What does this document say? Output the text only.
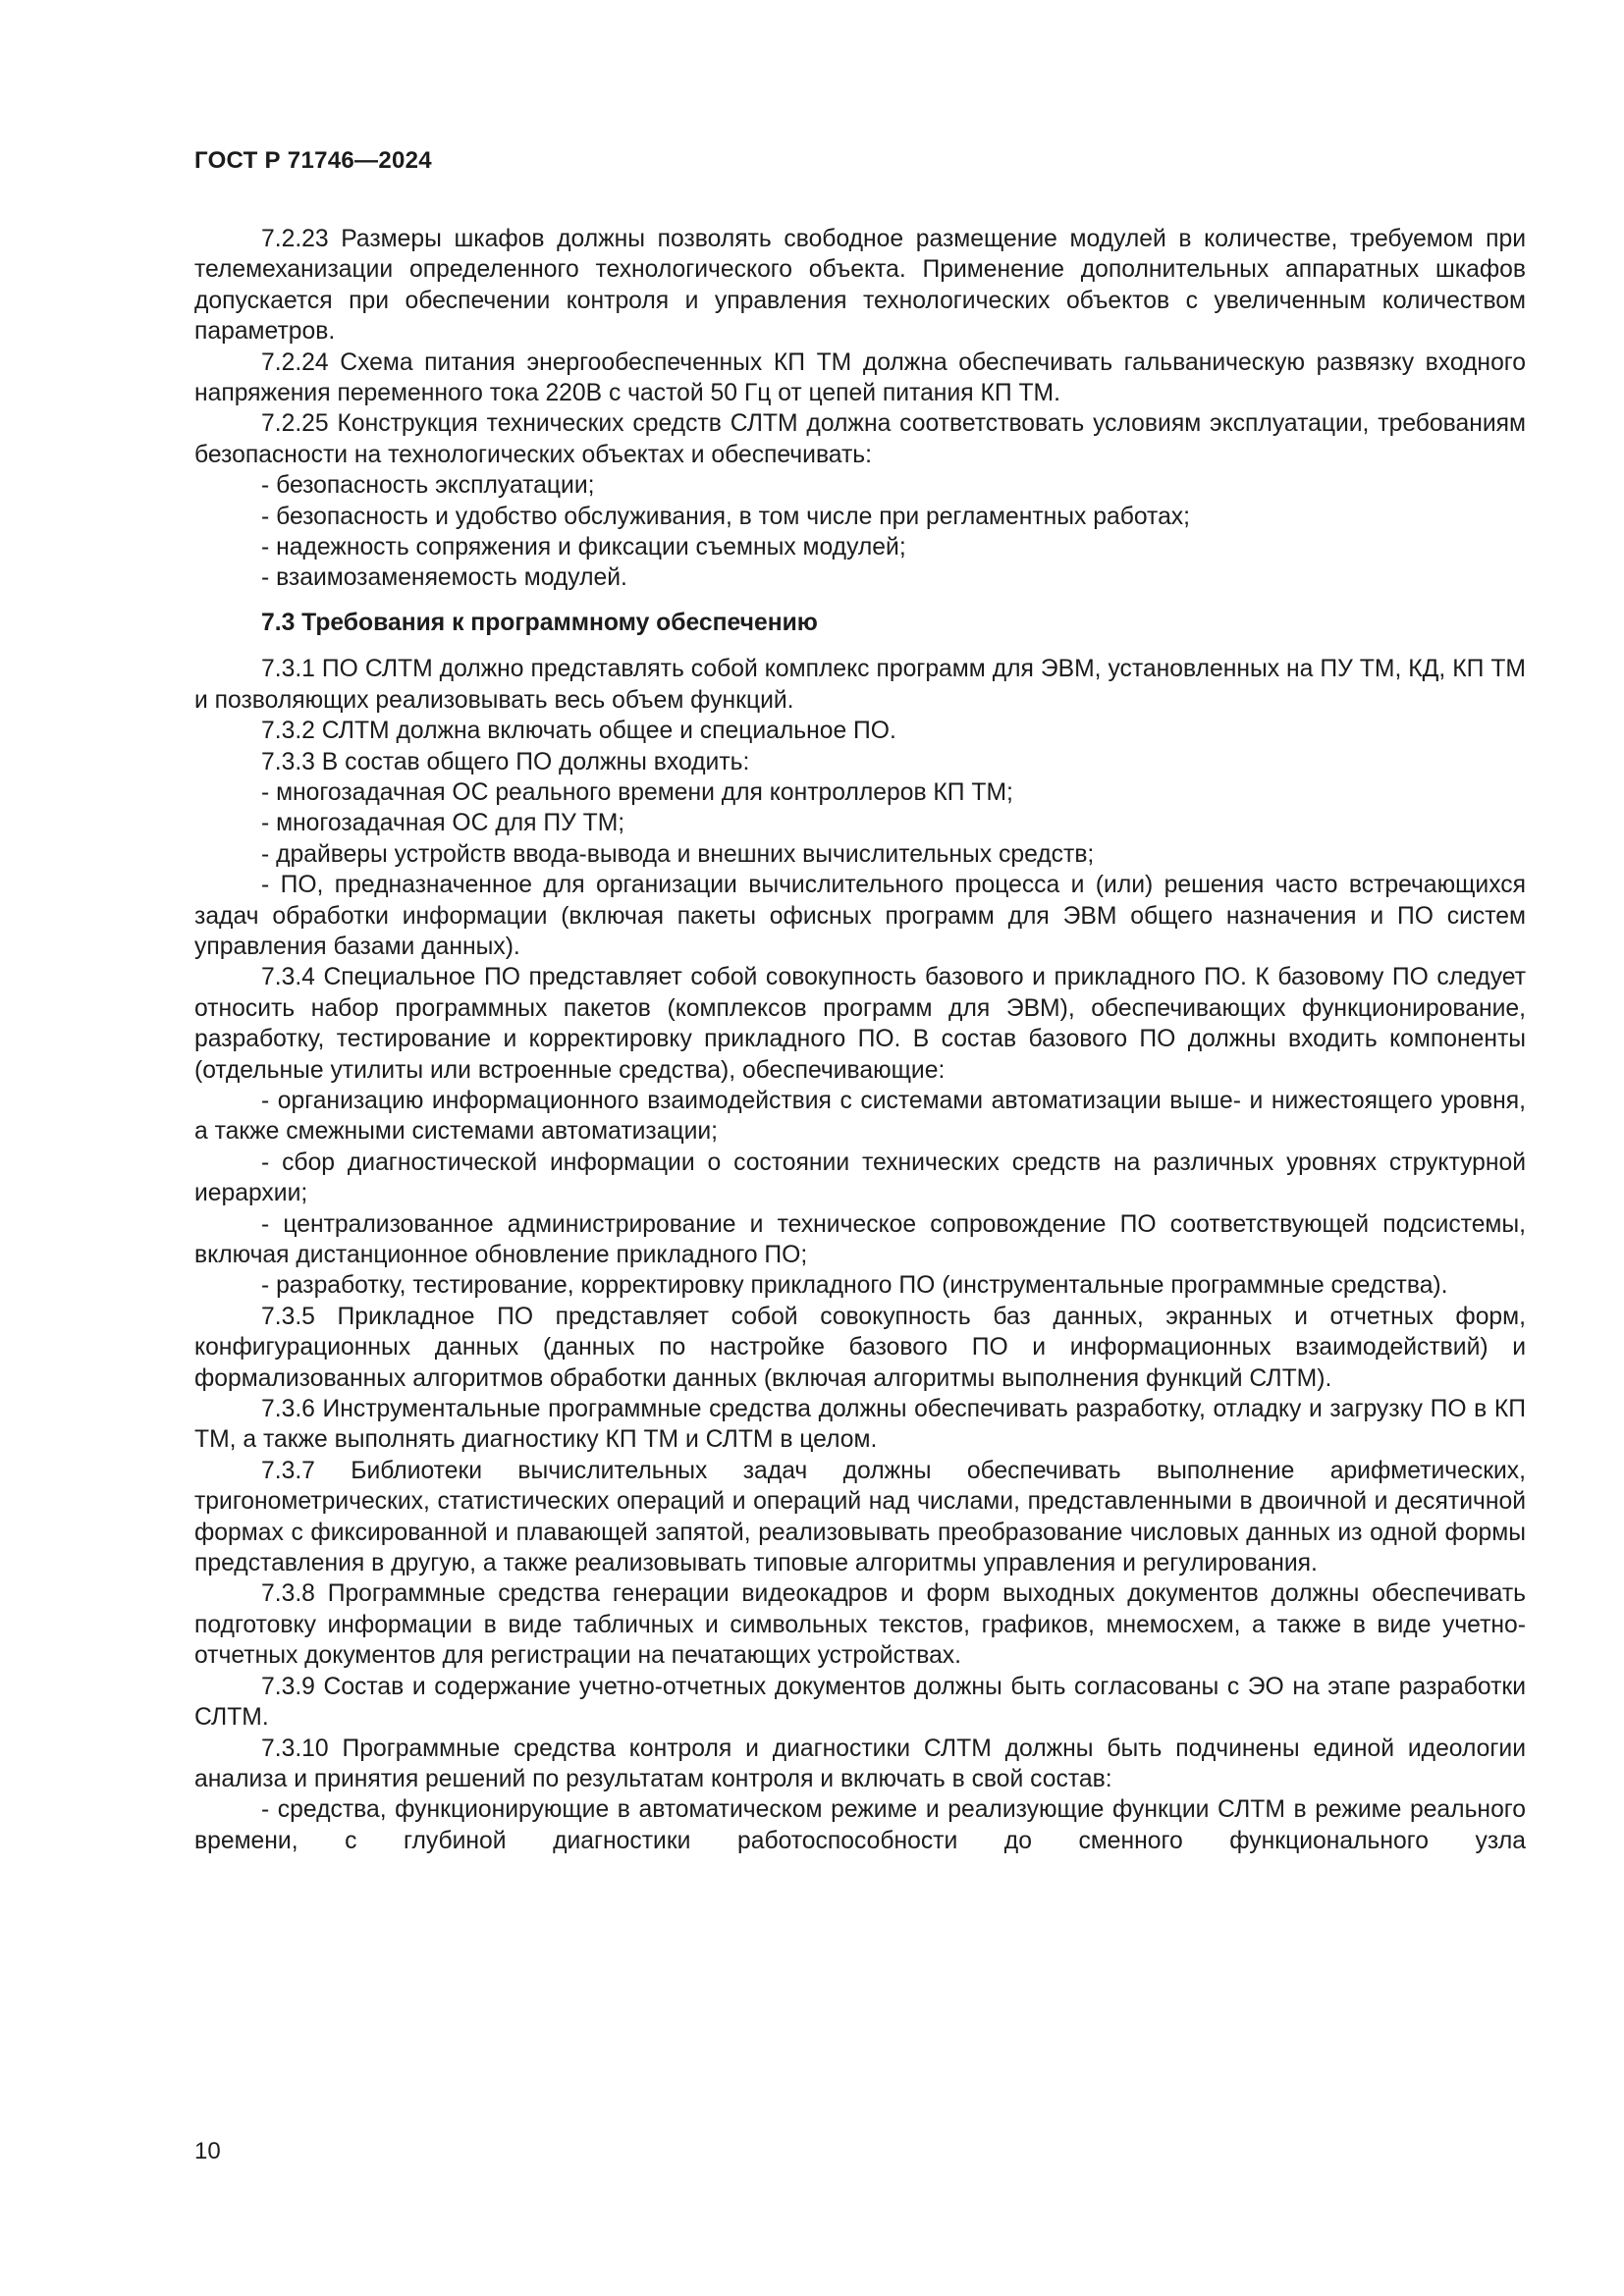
ГОСТ Р 71746—2024

7.2.23 Размеры шкафов должны позволять свободное размещение модулей в количестве, требуемом при телемеханизации определенного технологического объекта. Применение дополнительных аппаратных шкафов допускается при обеспечении контроля и управления технологических объектов с увеличенным количеством параметров.

7.2.24 Схема питания энергообеспеченных КП ТМ должна обеспечивать гальваническую развязку входного напряжения переменного тока 220В с частой 50 Гц от цепей питания КП ТМ.

7.2.25 Конструкция технических средств СЛТМ должна соответствовать условиям эксплуатации, требованиям безопасности на технологических объектах и обеспечивать:

- безопасность эксплуатации;

- безопасность и удобство обслуживания, в том числе при регламентных работах;

- надежность сопряжения и фиксации съемных модулей;

- взаимозаменяемость модулей.

7.3 Требования к программному обеспечению

7.3.1 ПО СЛТМ должно представлять собой комплекс программ для ЭВМ, установленных на ПУ ТМ, КД, КП ТМ и позволяющих реализовывать весь объем функций.

7.3.2 СЛТМ должна включать общее и специальное ПО.

7.3.3 В состав общего ПО должны входить:

- многозадачная ОС реального времени для контроллеров КП ТМ;

- многозадачная ОС для ПУ ТМ;

- драйверы устройств ввода-вывода и внешних вычислительных средств;

- ПО, предназначенное для организации вычислительного процесса и (или) решения часто встречающихся задач обработки информации (включая пакеты офисных программ для ЭВМ общего назначения и ПО систем управления базами данных).

7.3.4 Специальное ПО представляет собой совокупность базового и прикладного ПО. К базовому ПО следует относить набор программных пакетов (комплексов программ для ЭВМ), обеспечивающих функционирование, разработку, тестирование и корректировку прикладного ПО. В состав базового ПО должны входить компоненты (отдельные утилиты или встроенные средства), обеспечивающие:

- организацию информационного взаимодействия с системами автоматизации выше- и нижестоящего уровня, а также смежными системами автоматизации;

- сбор диагностической информации о состоянии технических средств на различных уровнях структурной иерархии;

- централизованное администрирование и техническое сопровождение ПО соответствующей подсистемы, включая дистанционное обновление прикладного ПО;

- разработку, тестирование, корректировку прикладного ПО (инструментальные программные средства).

7.3.5 Прикладное ПО представляет собой совокупность баз данных, экранных и отчетных форм, конфигурационных данных (данных по настройке базового ПО и информационных взаимодействий) и формализованных алгоритмов обработки данных (включая алгоритмы выполнения функций СЛТМ).

7.3.6 Инструментальные программные средства должны обеспечивать разработку, отладку и загрузку ПО в КП ТМ, а также выполнять диагностику КП ТМ и СЛТМ в целом.

7.3.7 Библиотеки вычислительных задач должны обеспечивать выполнение арифметических, тригонометрических, статистических операций и операций над числами, представленными в двоичной и десятичной формах с фиксированной и плавающей запятой, реализовывать преобразование числовых данных из одной формы представления в другую, а также реализовывать типовые алгоритмы управления и регулирования.

7.3.8 Программные средства генерации видеокадров и форм выходных документов должны обеспечивать подготовку информации в виде табличных и символьных текстов, графиков, мнемосхем, а также в виде учетно-отчетных документов для регистрации на печатающих устройствах.

7.3.9 Состав и содержание учетно-отчетных документов должны быть согласованы с ЭО на этапе разработки СЛТМ.

7.3.10 Программные средства контроля и диагностики СЛТМ должны быть подчинены единой идеологии анализа и принятия решений по результатам контроля и включать в свой состав:

- средства, функционирующие в автоматическом режиме и реализующие функции СЛТМ в режиме реального времени, с глубиной диагностики работоспособности до сменного функционального узла

10
